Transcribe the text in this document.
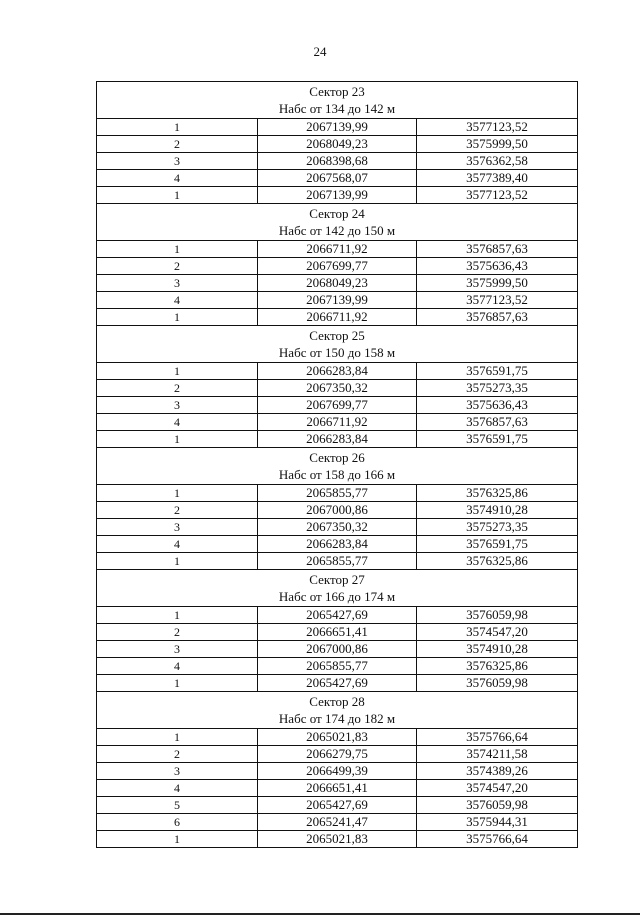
24
Сектор 23
Набс от 134 до 142 м		

1	2067139,99	3577123,52
2	2068049,23	3575999,50
3	2068398,68	3576362,58
4	2067568,07	3577389,40
1	2067139,99	3577123,52

Сектор 24
Набс от 142 до 150 м		

1	2066711,92	3576857,63
2	2067699,77	3575636,43
3	2068049,23	3575999,50
4	2067139,99	3577123,52
1	2066711,92	3576857,63

Сектор 25
Набс от 150 до 158 м		

1	2066283,84	3576591,75
2	2067350,32	3575273,35
3	2067699,77	3575636,43
4	2066711,92	3576857,63
1	2066283,84	3576591,75

Сектор 26
Набс от 158 до 166 м		

1	2065855,77	3576325,86
2	2067000,86	3574910,28
3	2067350,32	3575273,35
4	2066283,84	3576591,75
1	2065855,77	3576325,86

Сектор 27
Набс от 166 до 174 м		

1	2065427,69	3576059,98
2	2066651,41	3574547,20
3	2067000,86	3574910,28
4	2065855,77	3576325,86
1	2065427,69	3576059,98

Сектор 28
Набс от 174 до 182 м		

1	2065021,83	3575766,64
2	2066279,75	3574211,58
3	2066499,39	3574389,26
4	2066651,41	3574547,20
5	2065427,69	3576059,98
6	2065241,47	3575944,31
1	2065021,83	3575766,64
